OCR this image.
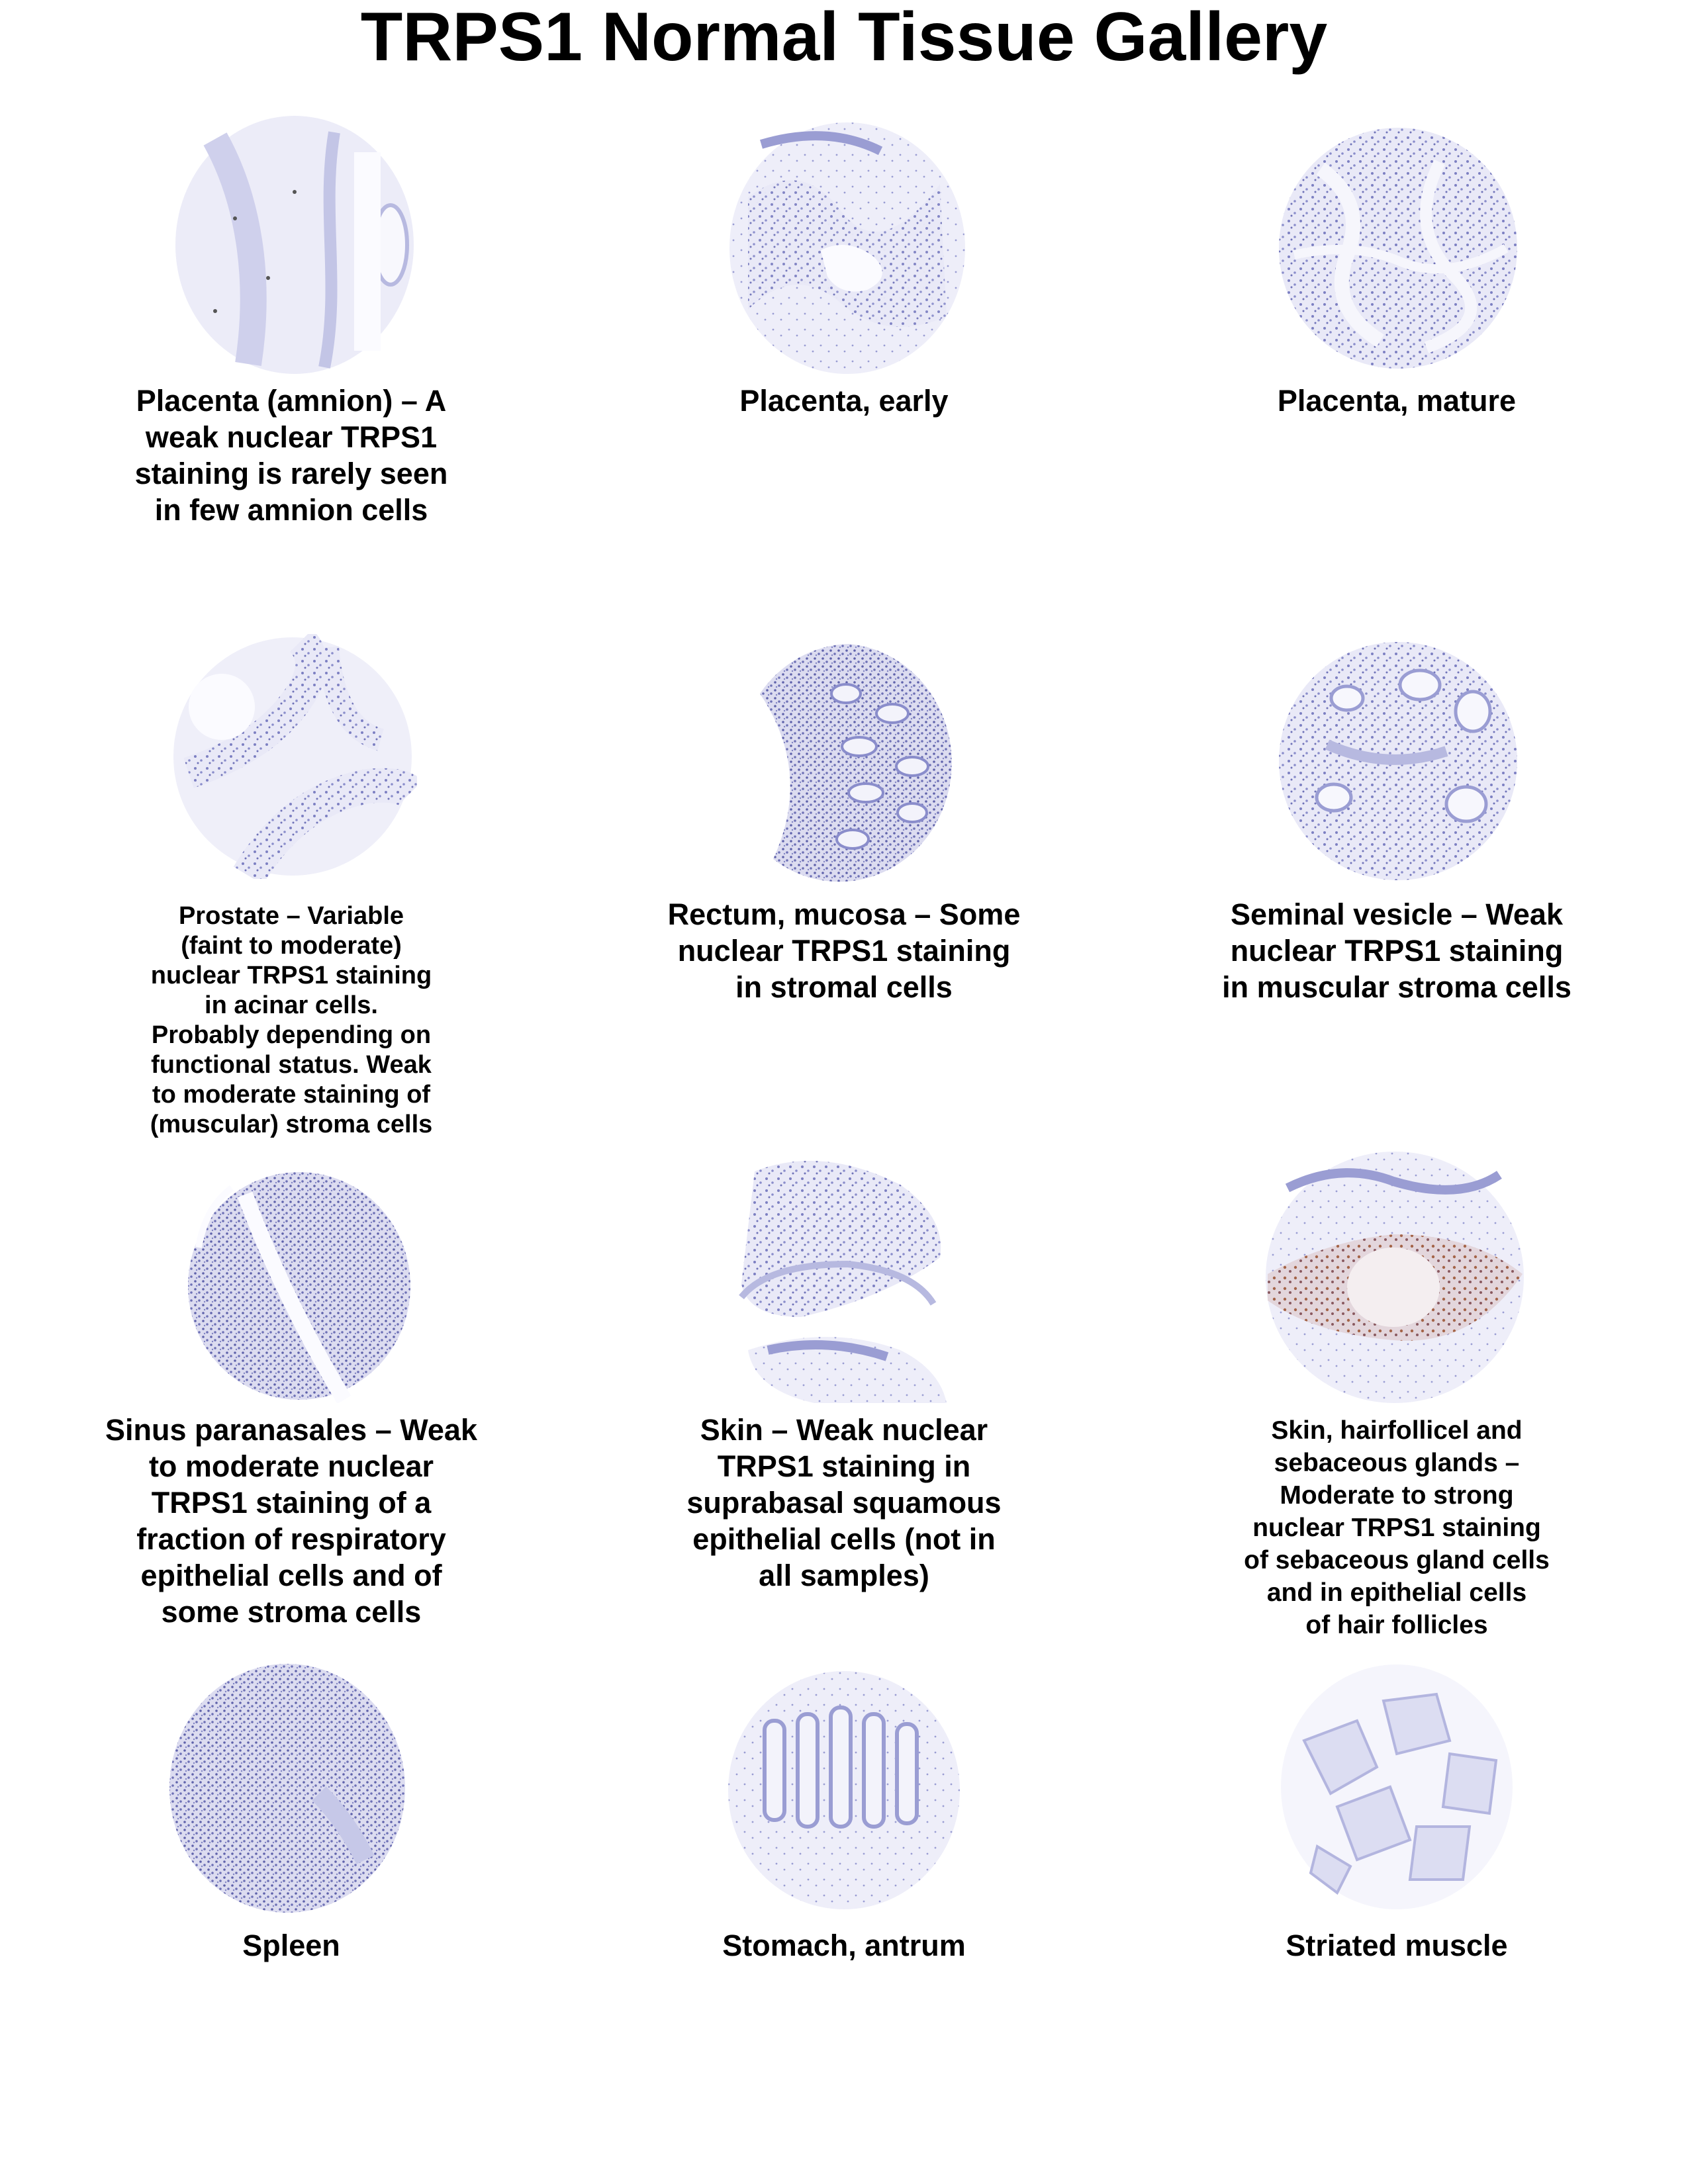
TRPS1 Normal Tissue Gallery

Placenta (amnion) – A
weak nuclear TRPS1
staining is rarely seen
in few amnion cells

Placenta, early	Placenta, mature

Prostate – Variable
(faint to moderate)
nuclear TRPS1 staining
in acinar cells.
Probably depending on
functional status. Weak
to moderate staining of
(muscular) stroma cells

Rectum, mucosa – Some
nuclear TRPS1 staining
in stromal cells

Seminal vesicle – Weak
nuclear TRPS1 staining
in muscular stroma cells

Sinus paranasales – Weak
to moderate nuclear
TRPS1 staining of a
fraction of respiratory
epithelial cells and of
some stroma cells

Skin – Weak nuclear
TRPS1 staining in
suprabasal squamous
epithelial cells (not in
all samples)

Skin, hairfollicel and
sebaceous glands –
Moderate to strong
nuclear TRPS1 staining
of sebaceous gland cells
and in epithelial cells
of hair follicles

Spleen	Stomach, antrum	Striated muscle
